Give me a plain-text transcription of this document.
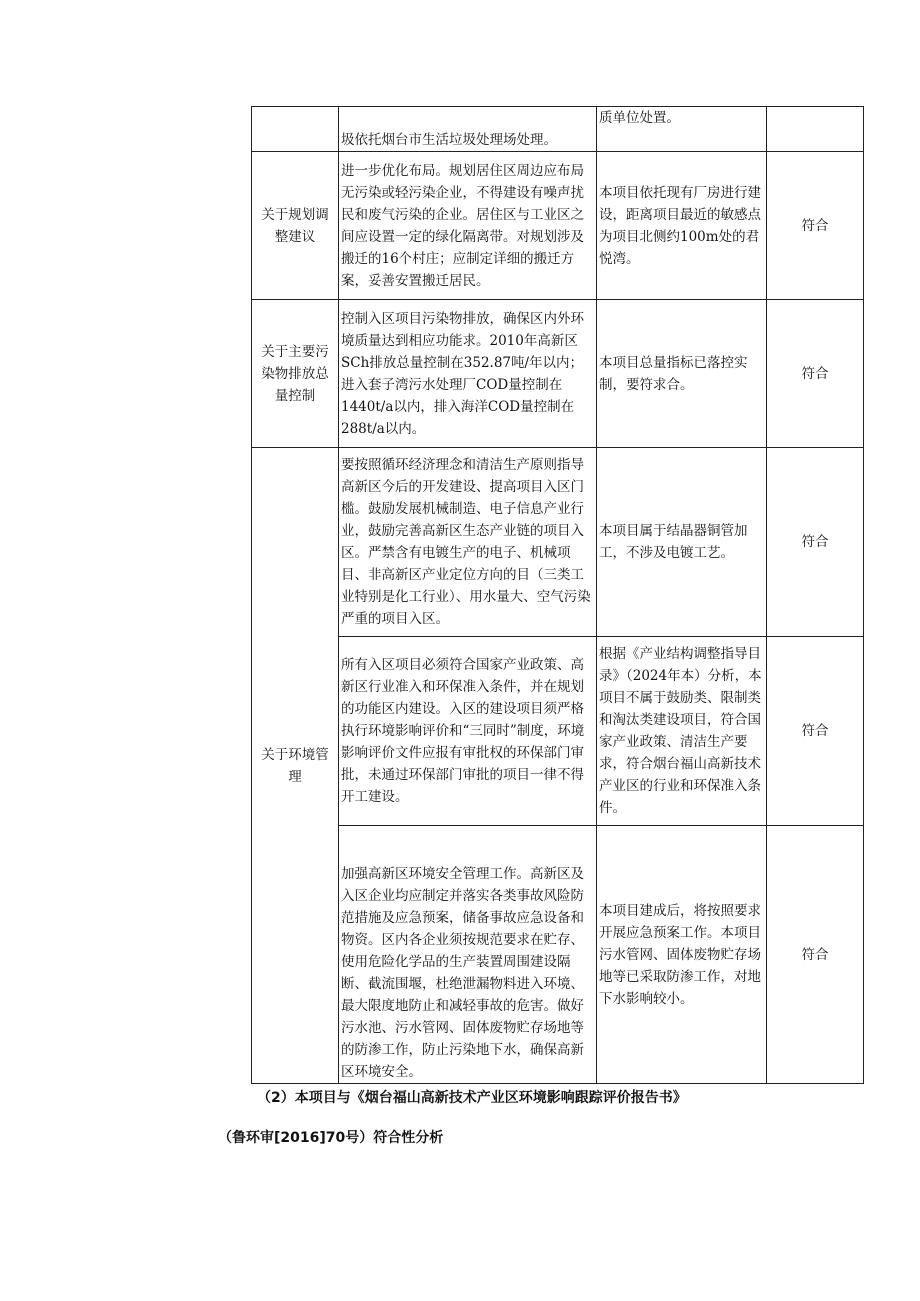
	圾依托烟台市生活垃圾处理场处理。	质单位处置。	
关于规划调整建议	进一步优化布局。规划居住区周边应布局无污染或轻污染企业，不得建设有噪声扰民和废气污染的企业。居住区与工业区之间应设置一定的绿化隔离带。对规划涉及搬迁的16个村庄；应制定详细的搬迁方案，妥善安置搬迁居民。	本项目依托现有厂房进行建设，距离项目最近的敏感点为项目北侧约100m处的君悦湾。	符合
关于主要污染物排放总量控制	控制入区项目污染物排放，确保区内外环境质量达到相应功能求。2010年高新区SCh排放总量控制在352.87吨/年以内；进入套子湾污水处理厂COD量控制在1440t/a以内，排入海洋COD量控制在288t/a以内。	本项目总量指标已落控实制，要符求合。	符合
关于环境管理	要按照循环经济理念和清洁生产原则指导高新区今后的开发建设、提高项目入区门槛。鼓励发展机械制造、电子信息产业行业，鼓励完善高新区生态产业链的项目入区。严禁含有电镀生产的电子、机械项目、非高新区产业定位方向的目（三类工业特别是化工行业）、用水量大、空气污染严重的项目入区。	本项目属于结晶器铜管加工，不涉及电镀工艺。	符合
	所有入区项目必须符合国家产业政策、高新区行业准入和环保准入条件，并在规划的功能区内建设。入区的建设项目须严格执行环境影响评价和“三同时”制度，环境影响评价文件应报有审批权的环保部门审批，未通过环保部门审批的项目一律不得开工建设。	根据《产业结构调整指导目录》（2024年本）分析，本项目不属于鼓励类、限制类和淘汰类建设项目，符合国家产业政策、清洁生产要求，符合烟台福山高新技术产业区的行业和环保准入条件。	符合
	加强高新区环境安全管理工作。高新区及入区企业均应制定并落实各类事故风险防范措施及应急预案，储备事故应急设备和物资。区内各企业须按规范要求在贮存、使用危险化学品的生产装置周围建设隔断、截流围堰，杜绝泄漏物料进入环境、最大限度地防止和减轻事故的危害。做好污水池、污水管网、固体废物贮存场地等的防渗工作，防止污染地下水，确保高新区环境安全。	本项目建成后，将按照要求开展应急预案工作。本项目污水管网、固体废物贮存场地等已采取防渗工作，对地下水影响较小。	符合
（2）本项目与《烟台福山高新技术产业区环境影响跟踪评价报告书》
（鲁环审[2016]70号）符合性分析
